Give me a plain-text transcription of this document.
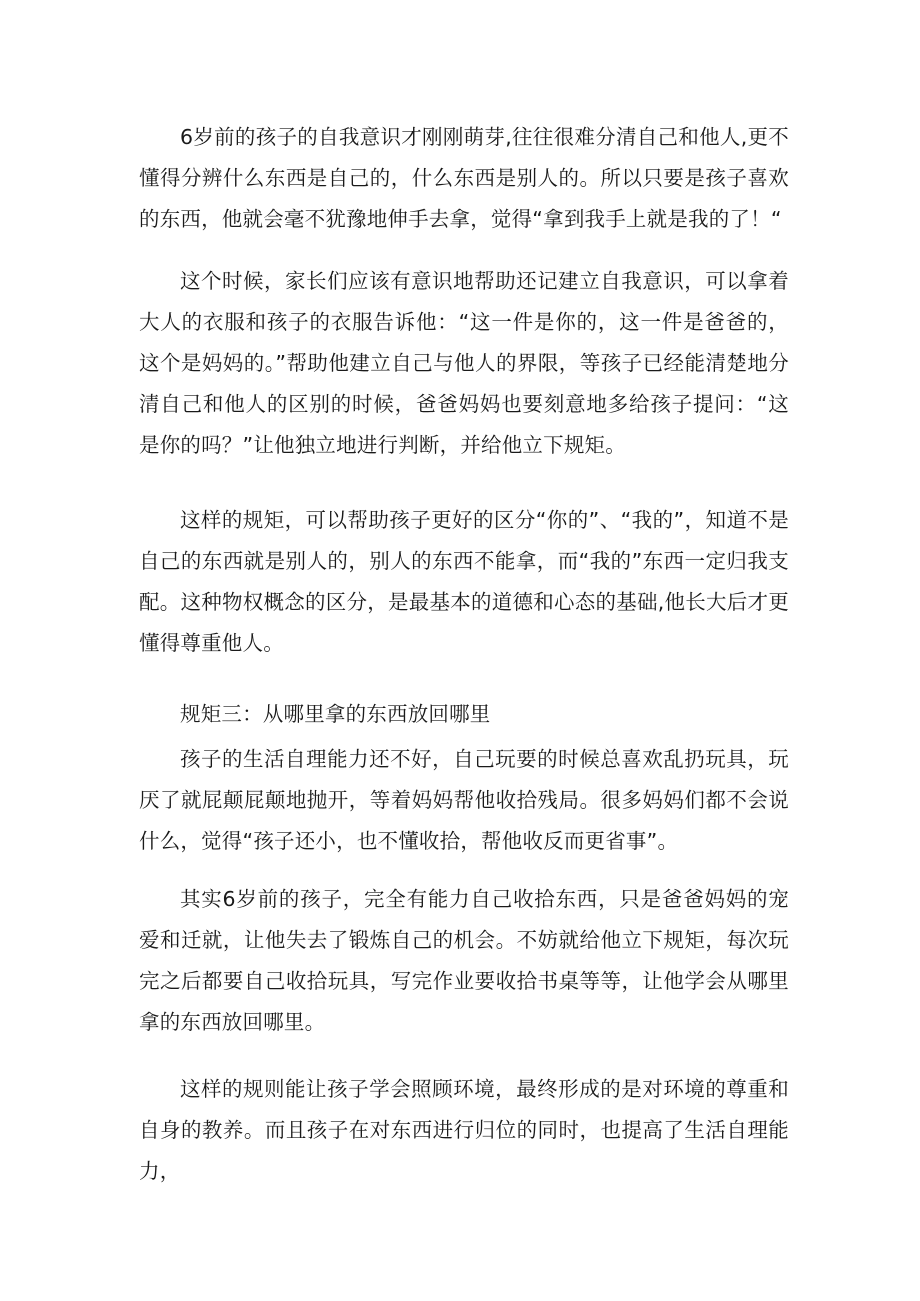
6岁前的孩子的自我意识才刚刚萌芽,往往很难分清自己和他人,更不懂得分辨什么东西是自己的，什么东西是别人的。所以只要是孩子喜欢的东西，他就会毫不犹豫地伸手去拿，觉得“拿到我手上就是我的了！“

这个时候，家长们应该有意识地帮助还记建立自我意识，可以拿着大人的衣服和孩子的衣服告诉他：“这一件是你的，这一件是爸爸的，这个是妈妈的。”帮助他建立自己与他人的界限，等孩子已经能清楚地分清自己和他人的区别的时候，爸爸妈妈也要刻意地多给孩子提问：“这是你的吗？”让他独立地进行判断，并给他立下规矩。

这样的规矩，可以帮助孩子更好的区分“你的”、“我的”，知道不是自己的东西就是别人的，别人的东西不能拿，而“我的”东西一定归我支配。这种物权概念的区分，是最基本的道德和心态的基础,他长大后才更懂得尊重他人。

规矩三：从哪里拿的东西放回哪里

孩子的生活自理能力还不好，自己玩要的时候总喜欢乱扔玩具，玩厌了就屁颠屁颠地抛开，等着妈妈帮他收拾残局。很多妈妈们都不会说什么，觉得“孩子还小，也不懂收拾，帮他收反而更省事”。

其实6岁前的孩子，完全有能力自己收拾东西，只是爸爸妈妈的宠爱和迁就，让他失去了锻炼自己的机会。不妨就给他立下规矩，每次玩完之后都要自己收拾玩具，写完作业要收拾书桌等等，让他学会从哪里拿的东西放回哪里。

这样的规则能让孩子学会照顾环境，最终形成的是对环境的尊重和自身的教养。而且孩子在对东西进行归位的同时，也提高了生活自理能力，
